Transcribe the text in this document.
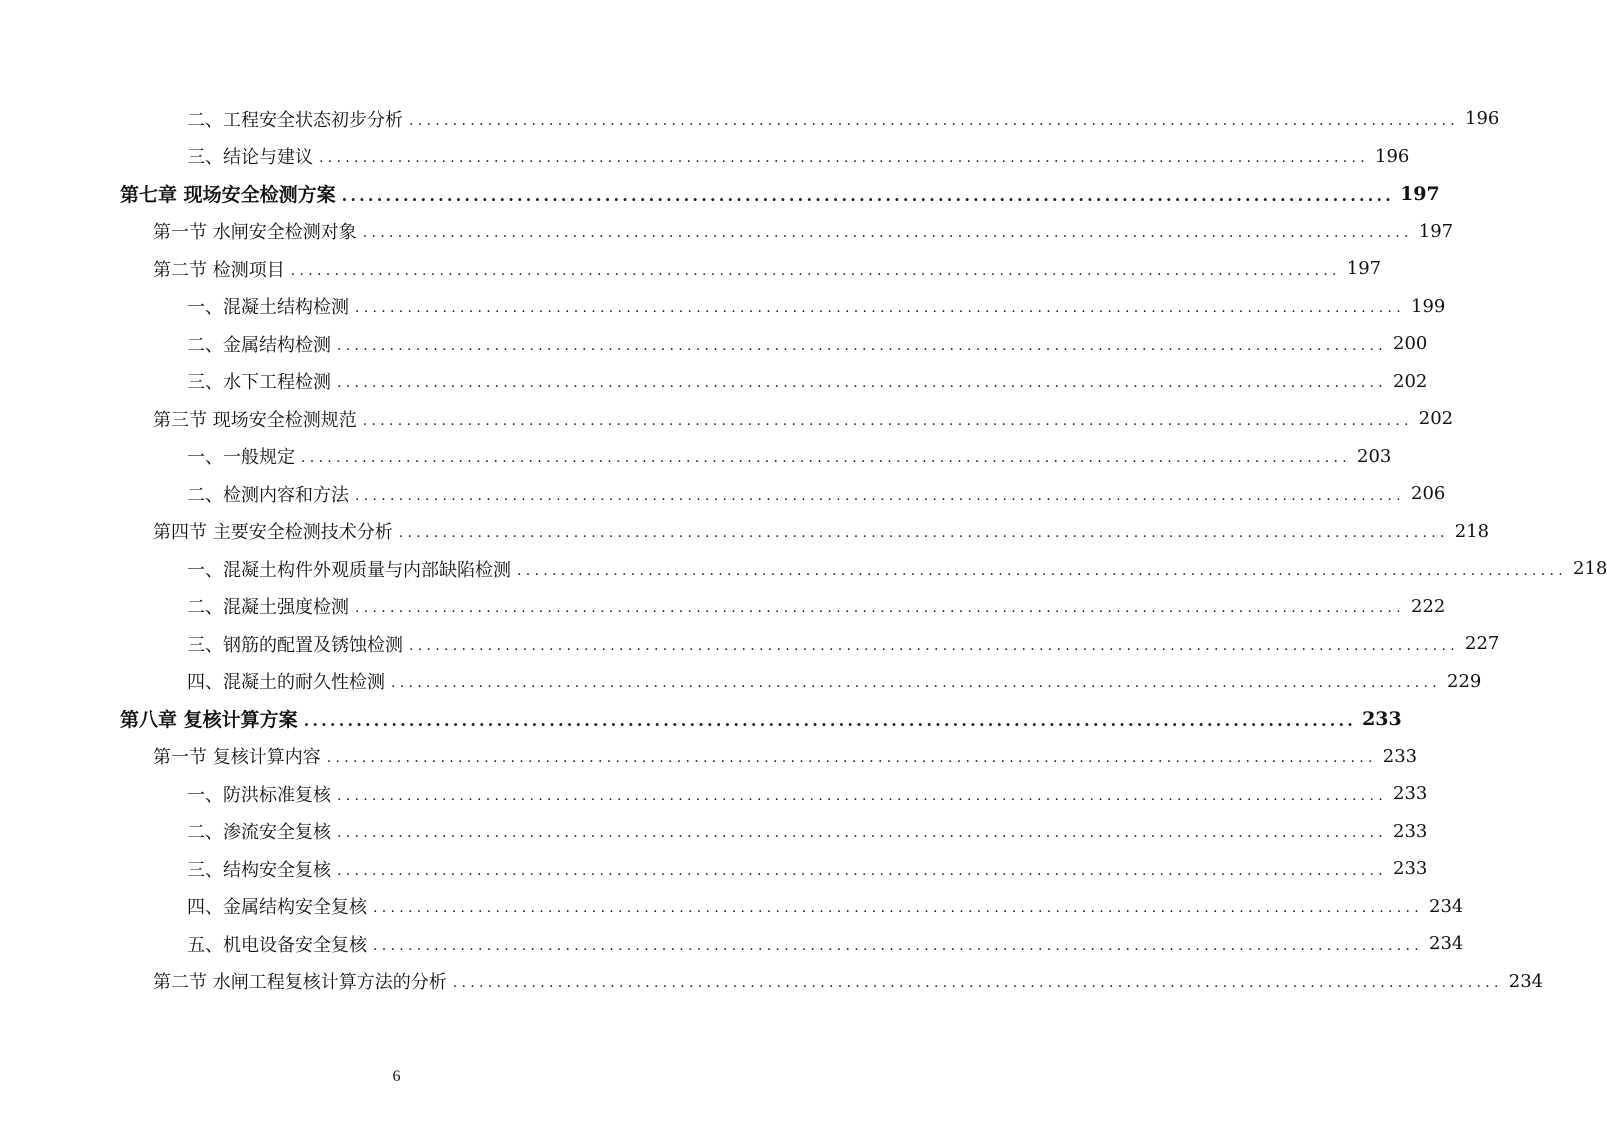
二、工程安全状态初步分析 ........................................................................................................................ 196
三、结论与建议 ........................................................................................................................ 196
第七章 现场安全检测方案 ........................................................................................................................ 197
第一节 水闸安全检测对象 ........................................................................................................................ 197
第二节 检测项目 ........................................................................................................................ 197
一、混凝土结构检测 ........................................................................................................................ 199
二、金属结构检测 ........................................................................................................................ 200
三、水下工程检测 ........................................................................................................................ 202
第三节 现场安全检测规范 ........................................................................................................................ 202
一、一般规定 ........................................................................................................................ 203
二、检测内容和方法 ........................................................................................................................ 206
第四节 主要安全检测技术分析 ........................................................................................................................ 218
一、混凝土构件外观质量与内部缺陷检测 ........................................................................................................................ 218
二、混凝土强度检测 ........................................................................................................................ 222
三、钢筋的配置及锈蚀检测 ........................................................................................................................ 227
四、混凝土的耐久性检测 ........................................................................................................................ 229
第八章 复核计算方案 ........................................................................................................................ 233
第一节 复核计算内容 ........................................................................................................................ 233
一、防洪标准复核 ........................................................................................................................ 233
二、渗流安全复核 ........................................................................................................................ 233
三、结构安全复核 ........................................................................................................................ 233
四、金属结构安全复核 ........................................................................................................................ 234
五、机电设备安全复核 ........................................................................................................................ 234
第二节 水闸工程复核计算方法的分析 ........................................................................................................................ 234
6
